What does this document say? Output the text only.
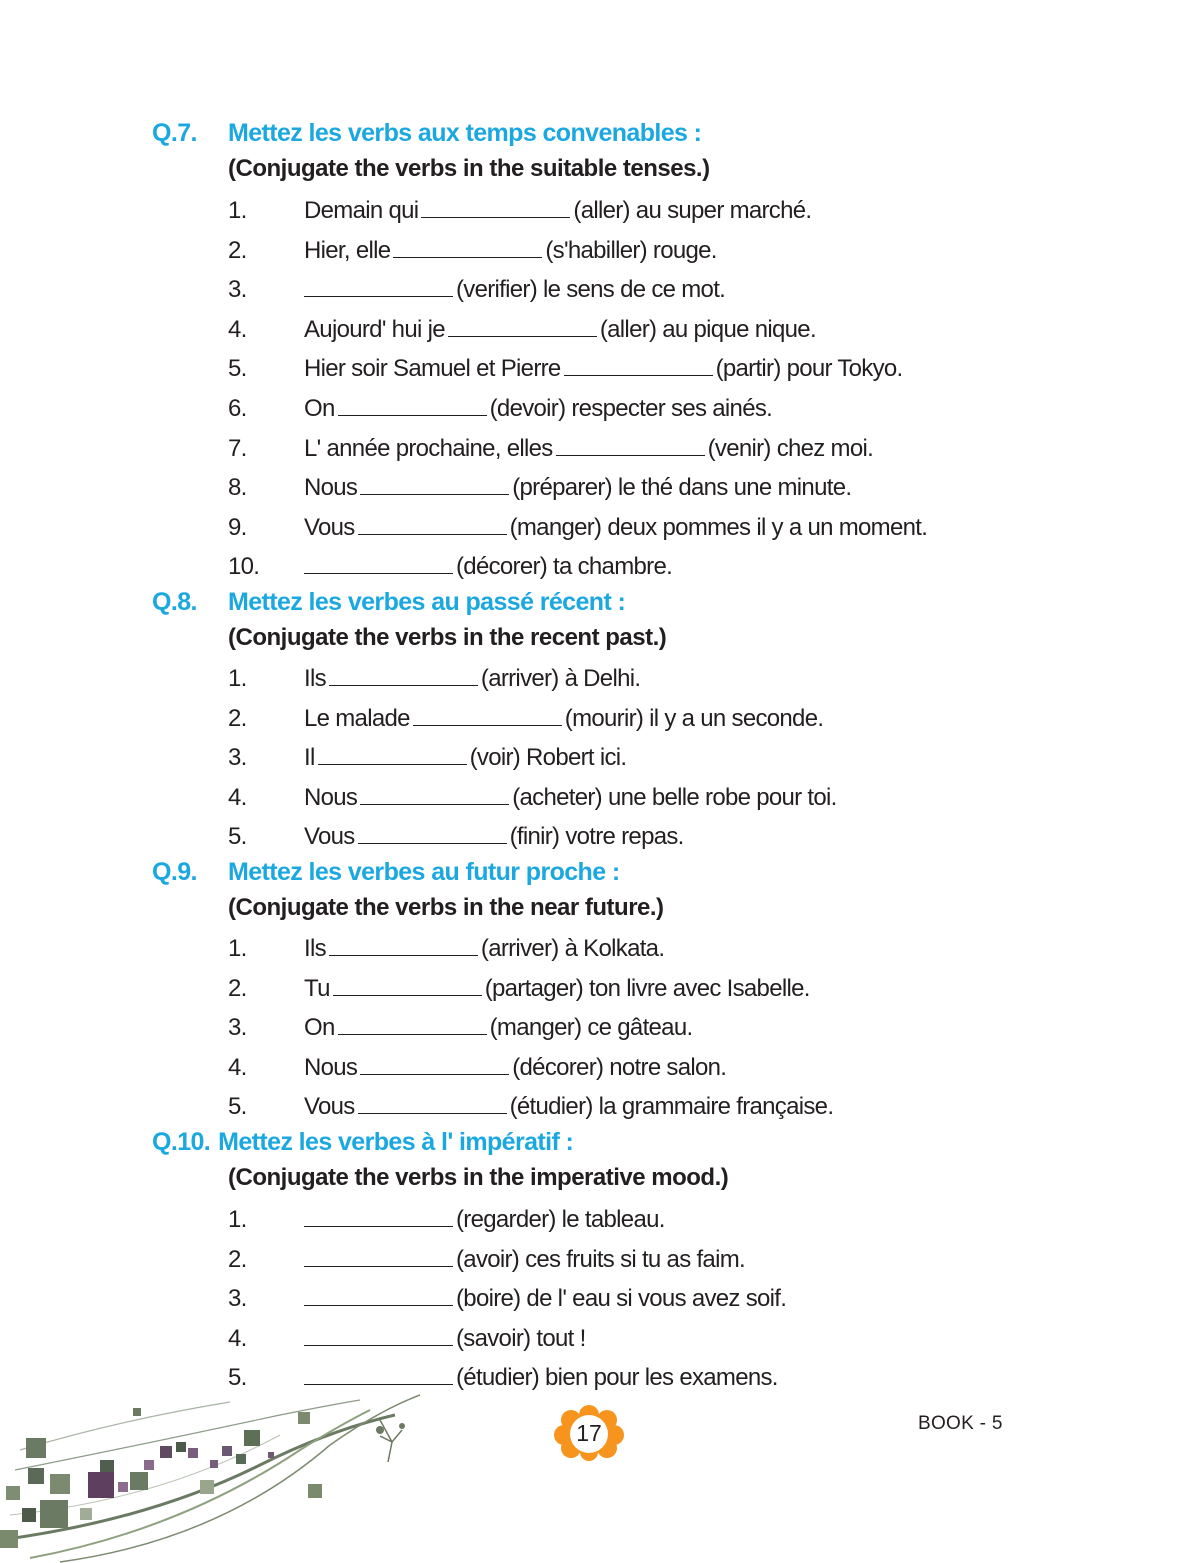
Q.7. Mettez les verbs aux temps convenables :
(Conjugate the verbs in the suitable tenses.)
1. Demain qui	(aller) au super marché.
2. Hier, elle	(s'habiller) rouge.
3.	(verifier) le sens de ce mot.
4. Aujourd' hui je	(aller) au pique nique.
5. Hier soir Samuel et Pierre	(partir) pour Tokyo.
6. On	(devoir) respecter ses ainés.
7. L' année prochaine, elles	(venir) chez moi.
8. Nous	(préparer) le thé dans une minute.
9. Vous	(manger) deux pommes il y a un moment.
10.	(décorer) ta chambre.
Q.8. Mettez les verbes au passé récent :
(Conjugate the verbs in the recent past.)
1. Ils	(arriver) à Delhi.
2. Le malade	(mourir) il y a un seconde.
3. Il	(voir) Robert ici.
4. Nous	(acheter) une belle robe pour toi.
5. Vous	(finir) votre repas.
Q.9. Mettez les verbes au futur proche :
(Conjugate the verbs in the near future.)
1. Ils	(arriver) à Kolkata.
2. Tu	(partager) ton livre avec Isabelle.
3. On	(manger) ce gâteau.
4. Nous	(décorer) notre salon.
5. Vous	(étudier) la grammaire française.
Q.10. Mettez les verbes à l' impératif :
(Conjugate the verbs in the imperative mood.)
1.	(regarder) le tableau.
2.	(avoir) ces fruits si tu as faim.
3.	(boire) de l' eau si vous avez soif.
4.	(savoir) tout !
5.	(étudier) bien pour les examens.
17	BOOK - 5
